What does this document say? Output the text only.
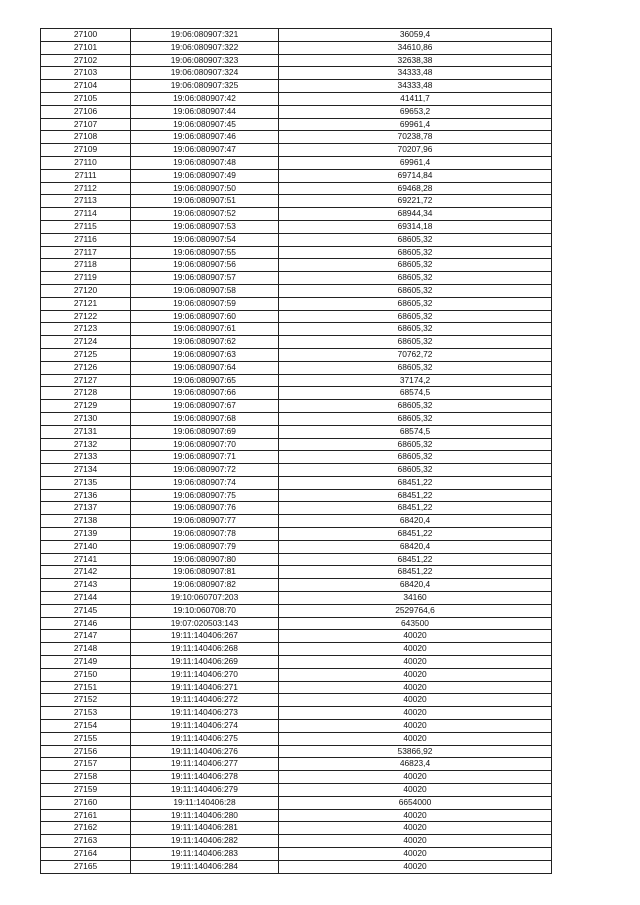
27100	19:06:080907:321	36059,4
27101	19:06:080907:322	34610,86
27102	19:06:080907:323	32638,38
27103	19:06:080907:324	34333,48
27104	19:06:080907:325	34333,48
27105	19:06:080907:42	41411,7
27106	19:06:080907:44	69653,2
27107	19:06:080907:45	69961,4
27108	19:06:080907:46	70238,78
27109	19:06:080907:47	70207,96
27110	19:06:080907:48	69961,4
27111	19:06:080907:49	69714,84
27112	19:06:080907:50	69468,28
27113	19:06:080907:51	69221,72
27114	19:06:080907:52	68944,34
27115	19:06:080907:53	69314,18
27116	19:06:080907:54	68605,32
27117	19:06:080907:55	68605,32
27118	19:06:080907:56	68605,32
27119	19:06:080907:57	68605,32
27120	19:06:080907:58	68605,32
27121	19:06:080907:59	68605,32
27122	19:06:080907:60	68605,32
27123	19:06:080907:61	68605,32
27124	19:06:080907:62	68605,32
27125	19:06:080907:63	70762,72
27126	19:06:080907:64	68605,32
27127	19:06:080907:65	37174,2
27128	19:06:080907:66	68574,5
27129	19:06:080907:67	68605,32
27130	19:06:080907:68	68605,32
27131	19:06:080907:69	68574,5
27132	19:06:080907:70	68605,32
27133	19:06:080907:71	68605,32
27134	19:06:080907:72	68605,32
27135	19:06:080907:74	68451,22
27136	19:06:080907:75	68451,22
27137	19:06:080907:76	68451,22
27138	19:06:080907:77	68420,4
27139	19:06:080907:78	68451,22
27140	19:06:080907:79	68420,4
27141	19:06:080907:80	68451,22
27142	19:06:080907:81	68451,22
27143	19:06:080907:82	68420,4
27144	19:10:060707:203	34160
27145	19:10:060708:70	2529764,6
27146	19:07:020503:143	643500
27147	19:11:140406:267	40020
27148	19:11:140406:268	40020
27149	19:11:140406:269	40020
27150	19:11:140406:270	40020
27151	19:11:140406:271	40020
27152	19:11:140406:272	40020
27153	19:11:140406:273	40020
27154	19:11:140406:274	40020
27155	19:11:140406:275	40020
27156	19:11:140406:276	53866,92
27157	19:11:140406:277	46823,4
27158	19:11:140406:278	40020
27159	19:11:140406:279	40020
27160	19:11:140406:28	6654000
27161	19:11:140406:280	40020
27162	19:11:140406:281	40020
27163	19:11:140406:282	40020
27164	19:11:140406:283	40020
27165	19:11:140406:284	40020
